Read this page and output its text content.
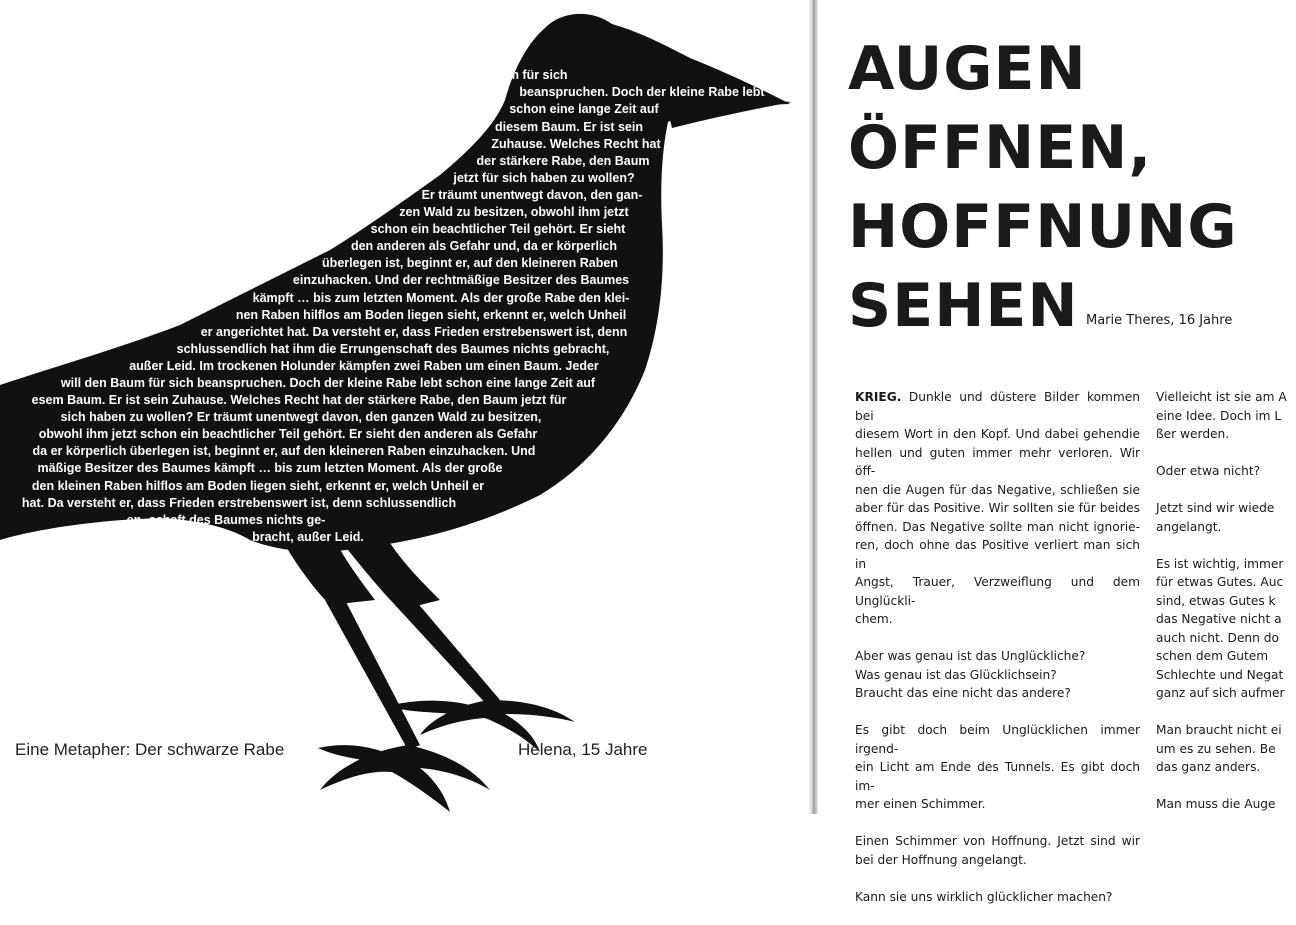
Im trockenen
Holunder kämpfen
zwei Raben um einen
Baum. Jeder will den Baum für sich
beanspruchen. Doch der kleine Rabe lebt
schon eine lange Zeit auf
diesem Baum. Er ist sein
Zuhause. Welches Recht hat
der stärkere Rabe, den Baum
jetzt für sich haben zu wollen?
Er träumt unentwegt davon, den gan-
zen Wald zu besitzen, obwohl ihm jetzt
schon ein beachtlicher Teil gehört. Er sieht
den anderen als Gefahr und, da er körperlich
überlegen ist, beginnt er, auf den kleineren Raben
einzuhacken. Und der rechtmäßige Besitzer des Baumes
kämpft … bis zum letzten Moment. Als der große Rabe den klei-
nen Raben hilflos am Boden liegen sieht, erkennt er, welch Unheil
er angerichtet hat. Da versteht er, dass Frieden erstrebenswert ist, denn
schlussendlich hat ihm die Errungenschaft des Baumes nichts gebracht,
außer Leid. Im trockenen Holunder kämpfen zwei Raben um einen Baum. Jeder
will den Baum für sich beanspruchen. Doch der kleine Rabe lebt schon eine lange Zeit auf
esem Baum. Er ist sein Zuhause. Welches Recht hat der stärkere Rabe, den Baum jetzt für
sich haben zu wollen? Er träumt unentwegt davon, den ganzen Wald zu besitzen,
obwohl ihm jetzt schon ein beachtlicher Teil gehört. Er sieht den anderen als Gefahr
da er körperlich überlegen ist, beginnt er, auf den kleineren Raben einzuhacken. Und
mäßige Besitzer des Baumes kämpft … bis zum letzten Moment. Als der große
den kleinen Raben hilflos am Boden liegen sieht, erkennt er, welch Unheil er
hat. Da versteht er, dass Frieden erstrebenswert ist, denn schlussendlich
en- schaft des Baumes nichts ge-
bracht, außer Leid.
Eine Metapher: Der schwarze Rabe	Helena, 15 Jahre
AUGEN
ÖFFNEN,
HOFFNUNG
SEHEN Marie Theres, 16 Jahre

KRIEG. Dunkle und düstere Bilder kommen bei
diesem Wort in den Kopf. Und dabei gehendie
hellen und guten immer mehr verloren. Wir öff-
nen die Augen für das Negative, schließen sie
aber für das Positive. Wir sollten sie für beides
öffnen. Das Negative sollte man nicht ignorie-
ren, doch ohne das Positive verliert man sich in
Angst, Trauer, Verzweiflung und dem Unglückli-
chem.

Aber was genau ist das Unglückliche?
Was genau ist das Glücklichsein?
Braucht das eine nicht das andere?

Es gibt doch beim Unglücklichen immer irgend-
ein Licht am Ende des Tunnels. Es gibt doch im-
mer einen Schimmer.

Einen Schimmer von Hoffnung. Jetzt sind wir
bei der Hoffnung angelangt.

Kann sie uns wirklich glücklicher machen?

Vielleicht ist sie am A
eine Idee. Doch im L
ßer werden.

Oder etwa nicht?

Jetzt sind wir wiede
angelangt.

Es ist wichtig, immer
für etwas Gutes. Auc
sind, etwas Gutes k
das Negative nicht a
auch nicht. Denn do
schen dem Gutem
Schlechte und Negat
ganz auf sich aufmer

Man braucht nicht ei
um es zu sehen. Be
das ganz anders.

Man muss die Auge
